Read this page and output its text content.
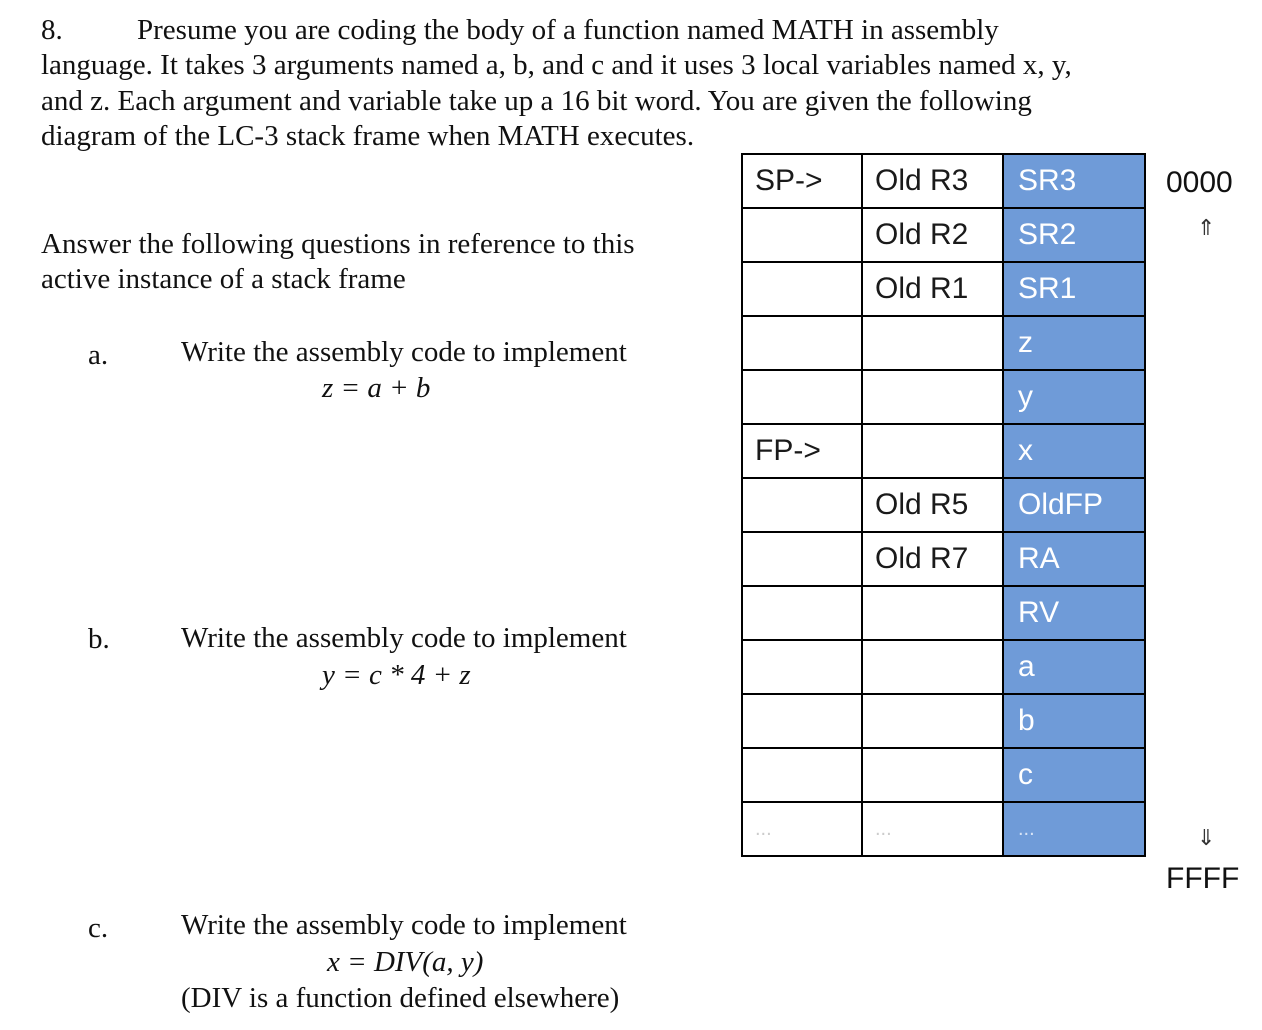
8.	Presume you are coding the body of a function named MATH in assembly
language. It takes 3 arguments named a, b, and c and it uses 3 local variables named x, y,
and z. Each argument and variable take up a 16 bit word. You are given the following
diagram of the LC-3 stack frame when MATH executes.
Answer the following questions in reference to this
active instance of a stack frame
a.	Write the assembly code to implement
z = a + b
b. Write the assembly code to implement
y = c * 4 + z
c.	Write the assembly code to implement
x = DIV(a, y)
(DIV is a function defined elsewhere)
SP->	Old R3	SR3
	Old R2	SR2
	Old R1	SR1
		z
		y
FP->		x
	Old R5	OldFP
	Old R7	RA
		RV
		a
		b
		c
...	...	...
0000
⇑
⇓
FFFF
